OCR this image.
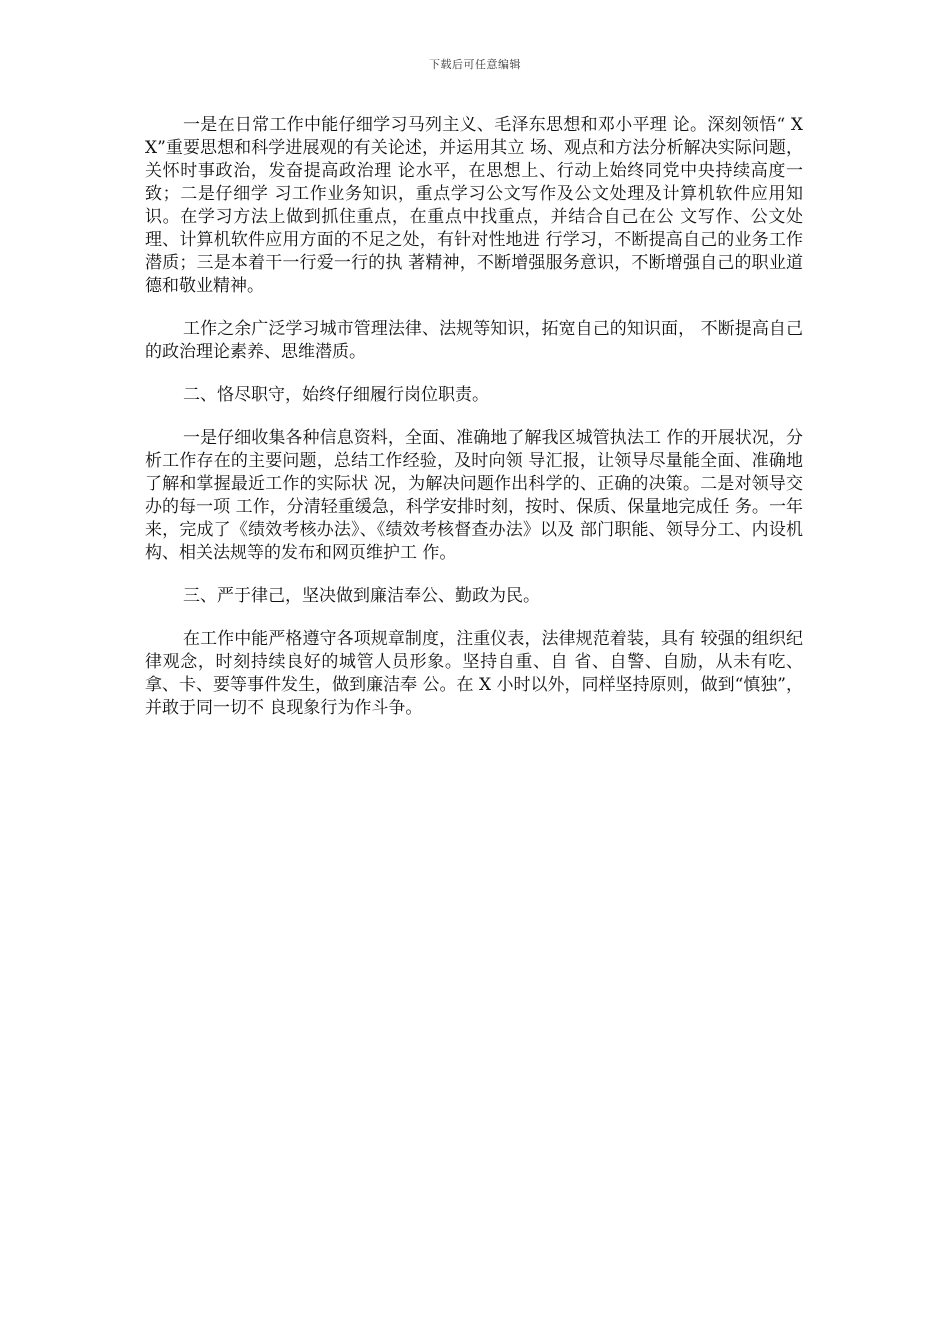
下载后可任意编辑

一是在日常工作中能仔细学习马列主义、毛泽东思想和邓小平理 论。深刻领悟“ XX”重要思想和科学进展观的有关论述，并运用其立 场、观点和方法分析解决实际问题，关怀时事政治，发奋提高政治理 论水平，在思想上、行动上始终同党中央持续高度一致；二是仔细学 习工作业务知识，重点学习公文写作及公文处理及计算机软件应用知 识。在学习方法上做到抓住重点，在重点中找重点，并结合自己在公 文写作、公文处理、计算机软件应用方面的不足之处，有针对性地进 行学习，不断提高自己的业务工作潜质；三是本着干一行爱一行的执 著精神，不断增强服务意识，不断增强自己的职业道德和敬业精神。

工作之余广泛学习城市管理法律、法规等知识，拓宽自己的知识面， 不断提高自己的政治理论素养、思维潜质。

二、恪尽职守，始终仔细履行岗位职责。

一是仔细收集各种信息资料，全面、准确地了解我区城管执法工 作的开展状况，分析工作存在的主要问题，总结工作经验，及时向领 导汇报，让领导尽量能全面、准确地了解和掌握最近工作的实际状 况，为解决问题作出科学的、正确的决策。二是对领导交办的每一项 工作，分清轻重缓急，科学安排时刻，按时、保质、保量地完成任 务。一年来，完成了《绩效考核办法》、《绩效考核督查办法》以及 部门职能、领导分工、内设机构、相关法规等的发布和网页维护工 作。

三、严于律己，坚决做到廉洁奉公、勤政为民。

在工作中能严格遵守各项规章制度，注重仪表，法律规范着装，具有 较强的组织纪律观念，时刻持续良好的城管人员形象。坚持自重、自 省、自警、自励，从未有吃、拿、卡、要等事件发生，做到廉洁奉 公。在 X 小时以外，同样坚持原则，做到“慎独”，并敢于同一切不 良现象行为作斗争。
